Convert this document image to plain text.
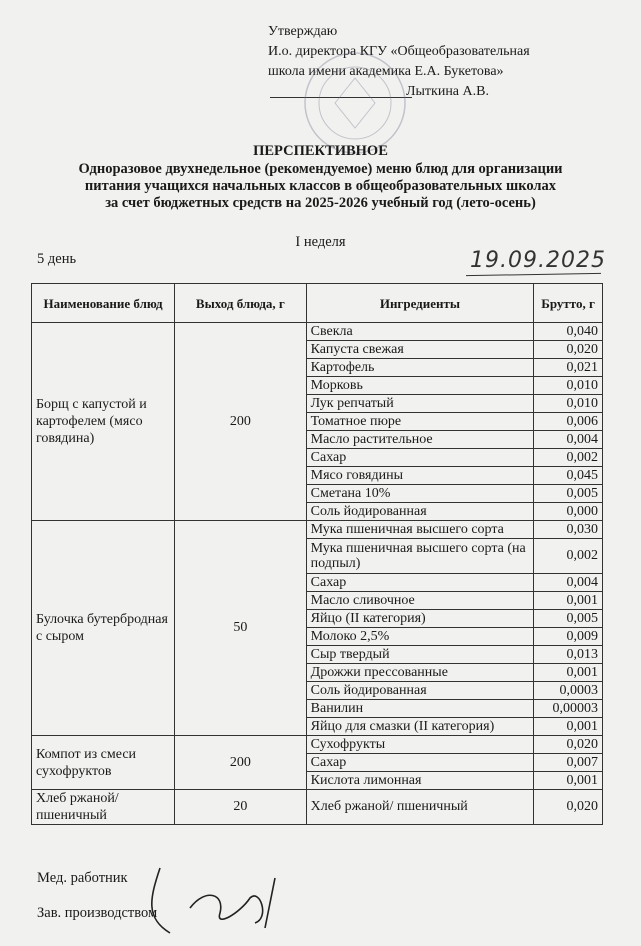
Утверждаю
И.о. директора КГУ «Общеобразовательная
школа имени академика Е.А. Букетова»
Лыткина А.В.
ПЕРСПЕКТИВНОЕ
Одноразовое двухнедельное (рекомендуемое) меню блюд для организации
питания учащихся начальных классов в общеобразовательных школах
за счет бюджетных средств на 2025-2026 учебный год (лето-осень)
I неделя
5 день	19.09.2025
Наименование блюд	Выход блюда, г	Ингредиенты	Брутто, г
Борщ с капустой и картофелем (мясо говядина)	200	Свекла	0,040
		Капуста свежая	0,020
		Картофель	0,021
		Морковь	0,010
		Лук репчатый	0,010
		Томатное пюре	0,006
		Масло растительное	0,004
		Сахар	0,002
		Мясо говядины	0,045
		Сметана 10%	0,005
		Соль йодированная	0,000
Булочка бутербродная с сыром	50	Мука пшеничная высшего сорта	0,030
		Мука пшеничная высшего сорта (на подпыл)	0,002
		Сахар	0,004
		Масло сливочное	0,001
		Яйцо (II категория)	0,005
		Молоко 2,5%	0,009
		Сыр твердый	0,013
		Дрожжи прессованные	0,001
		Соль йодированная	0,0003
		Ванилин	0,00003
		Яйцо для смазки (II категория)	0,001
Компот из смеси сухофруктов	200	Сухофрукты	0,020
		Сахар	0,007
		Кислота лимонная	0,001
Хлеб ржаной/ пшеничный	20	Хлеб ржаной/ пшеничный	0,020
Мед. работник
Зав. производством
